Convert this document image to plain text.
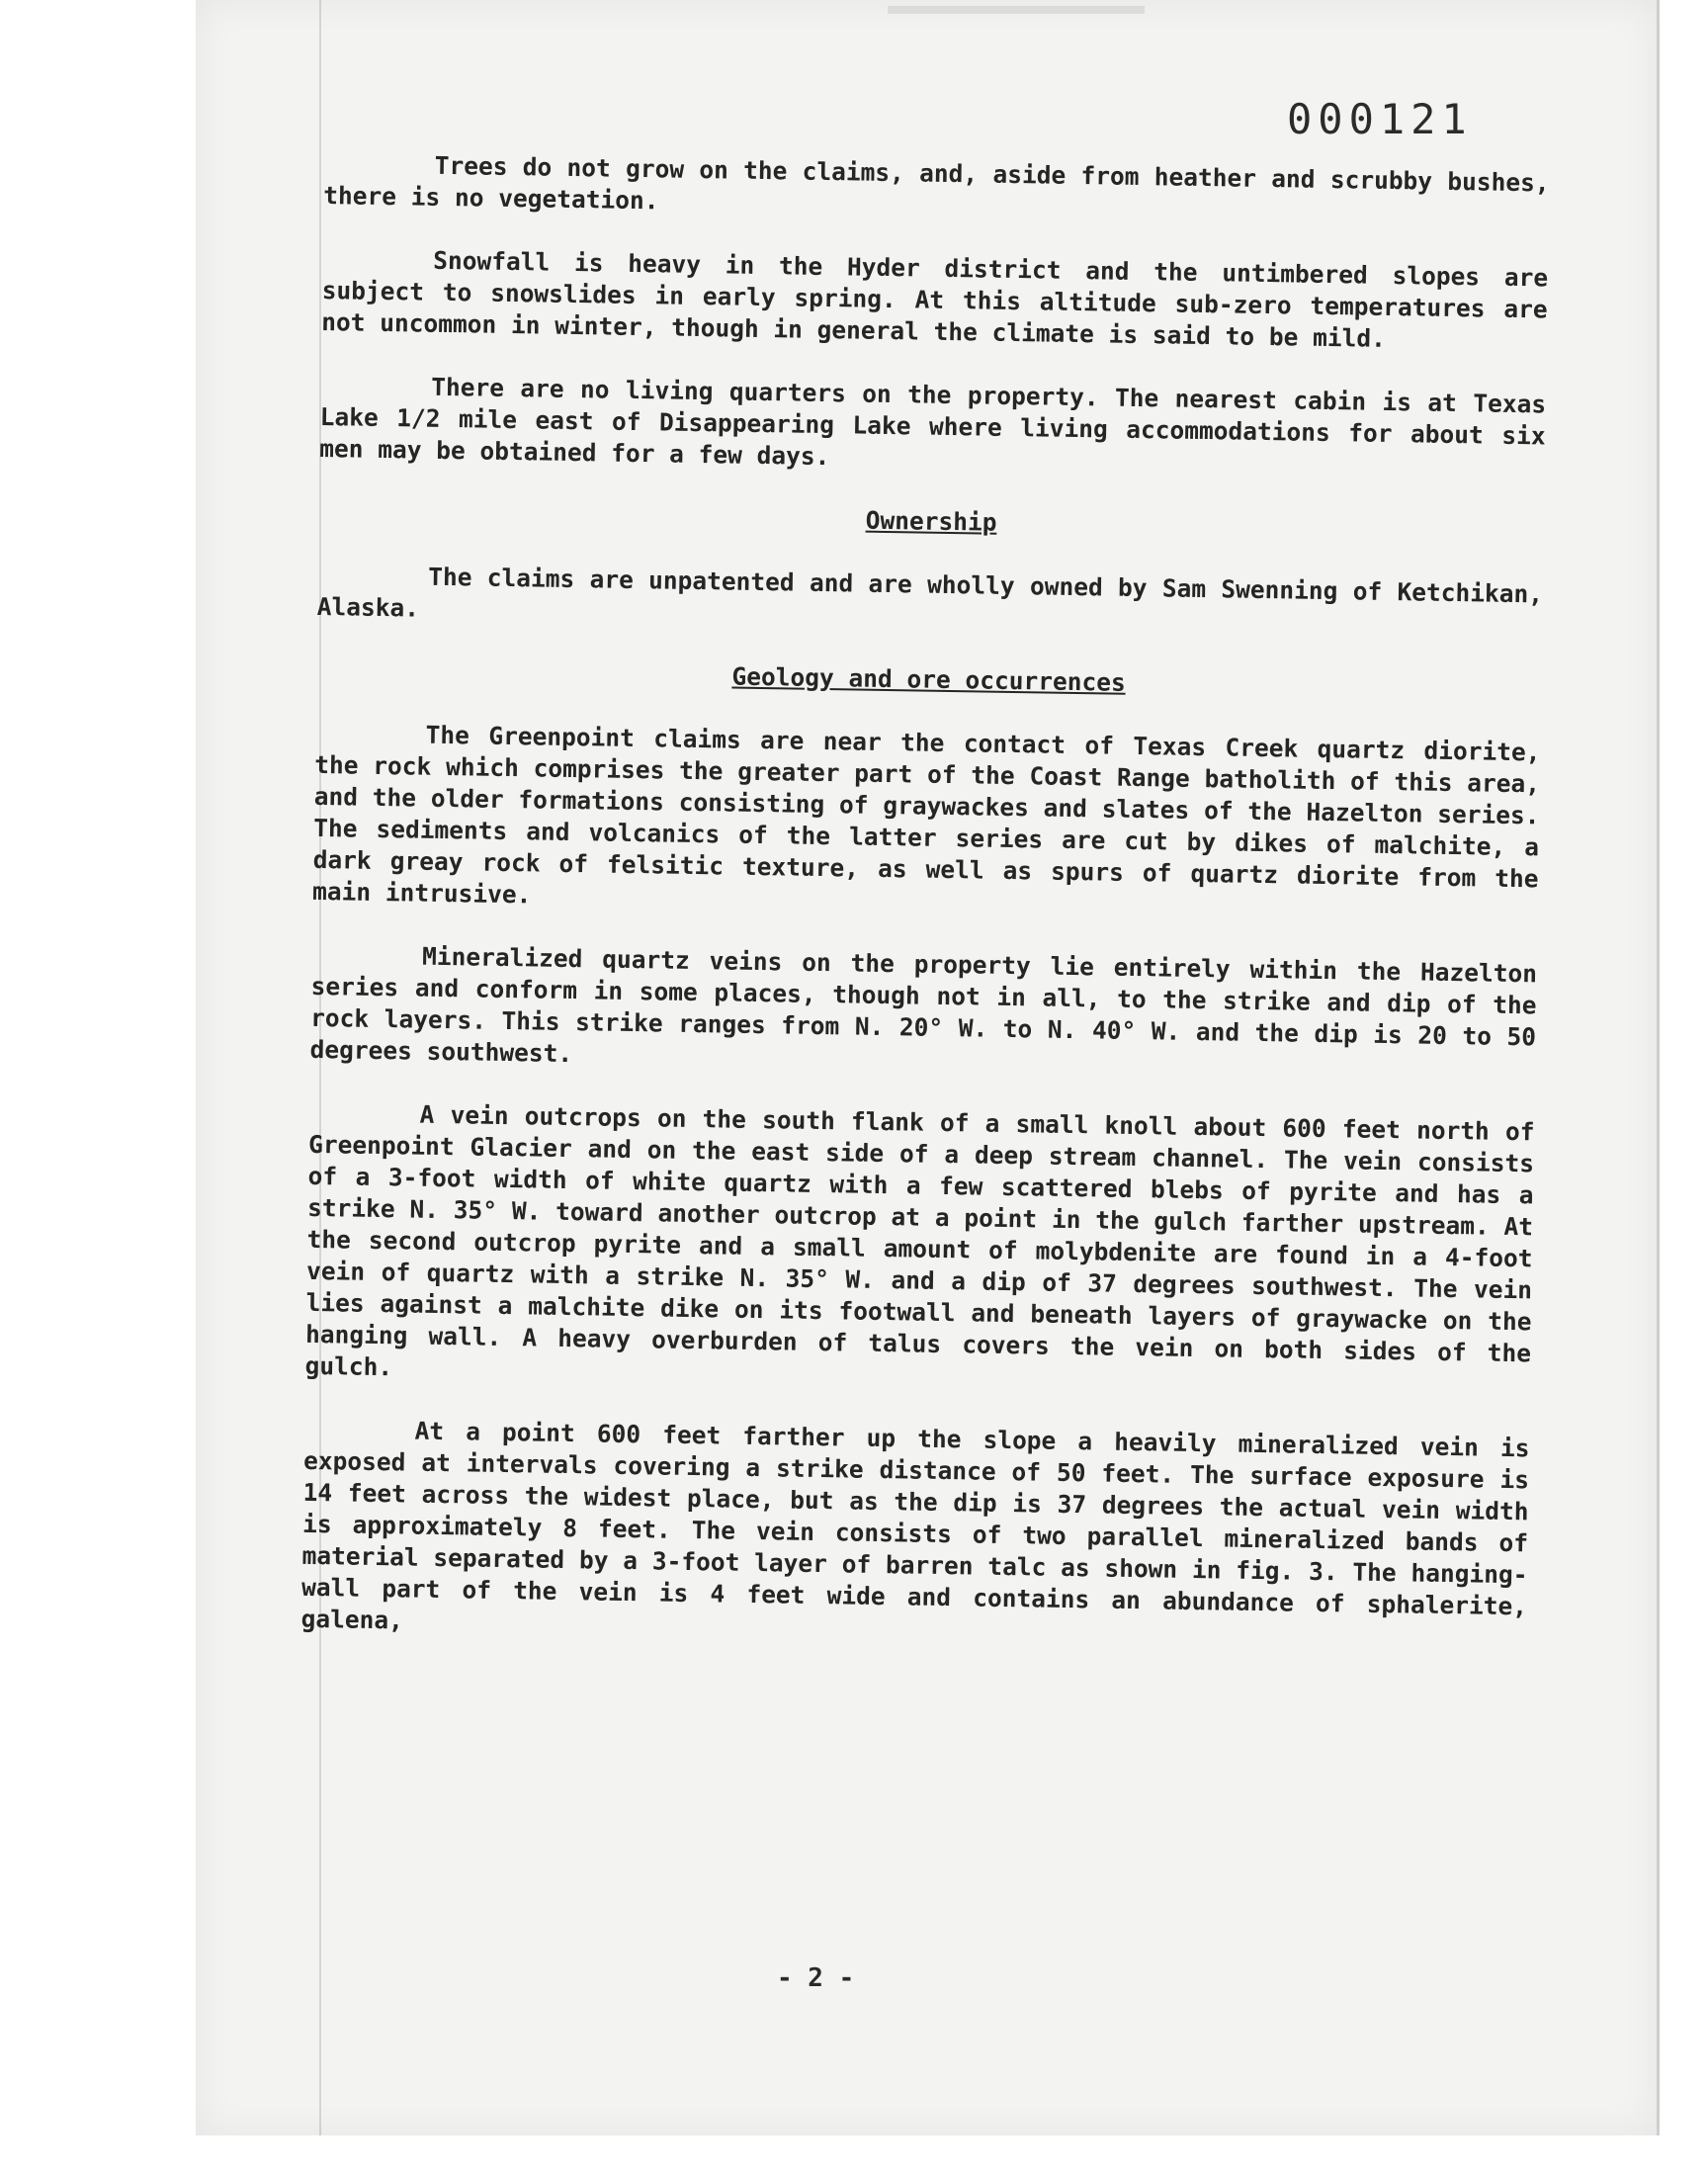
000121

Trees do not grow on the claims, and, aside from heather and scrubby bushes, there is no vegetation.

Snowfall is heavy in the Hyder district and the untimbered slopes are subject to snowslides in early spring. At this altitude sub-zero temperatures are not uncommon in winter, though in general the climate is said to be mild.

There are no living quarters on the property. The nearest cabin is at Texas Lake 1/2 mile east of Disappearing Lake where living accommodations for about six men may be obtained for a few days.

Ownership

The claims are unpatented and are wholly owned by Sam Swenning of Ketchikan, Alaska.

Geology and ore occurrences

The Greenpoint claims are near the contact of Texas Creek quartz diorite, the rock which comprises the greater part of the Coast Range batholith of this area, and the older formations consisting of graywackes and slates of the Hazelton series. The sediments and volcanics of the latter series are cut by dikes of malchite, a dark greay rock of felsitic texture, as well as spurs of quartz diorite from the main intrusive.

Mineralized quartz veins on the property lie entirely within the Hazelton series and conform in some places, though not in all, to the strike and dip of the rock layers. This strike ranges from N. 20° W. to N. 40° W. and the dip is 20 to 50 degrees southwest.

A vein outcrops on the south flank of a small knoll about 600 feet north of Greenpoint Glacier and on the east side of a deep stream channel. The vein consists of a 3-foot width of white quartz with a few scattered blebs of pyrite and has a strike N. 35° W. toward another outcrop at a point in the gulch farther upstream. At the second outcrop pyrite and a small amount of molybdenite are found in a 4-foot vein of quartz with a strike N. 35° W. and a dip of 37 degrees southwest. The vein lies against a malchite dike on its footwall and beneath layers of graywacke on the hanging wall. A heavy overburden of talus covers the vein on both sides of the gulch.

At a point 600 feet farther up the slope a heavily mineralized vein is exposed at intervals covering a strike distance of 50 feet. The surface exposure is 14 feet across the widest place, but as the dip is 37 degrees the actual vein width is approximately 8 feet. The vein consists of two parallel mineralized bands of material separated by a 3-foot layer of barren talc as shown in fig. 3. The hanging-wall part of the vein is 4 feet wide and contains an abundance of sphalerite, galena,

- 2 -
